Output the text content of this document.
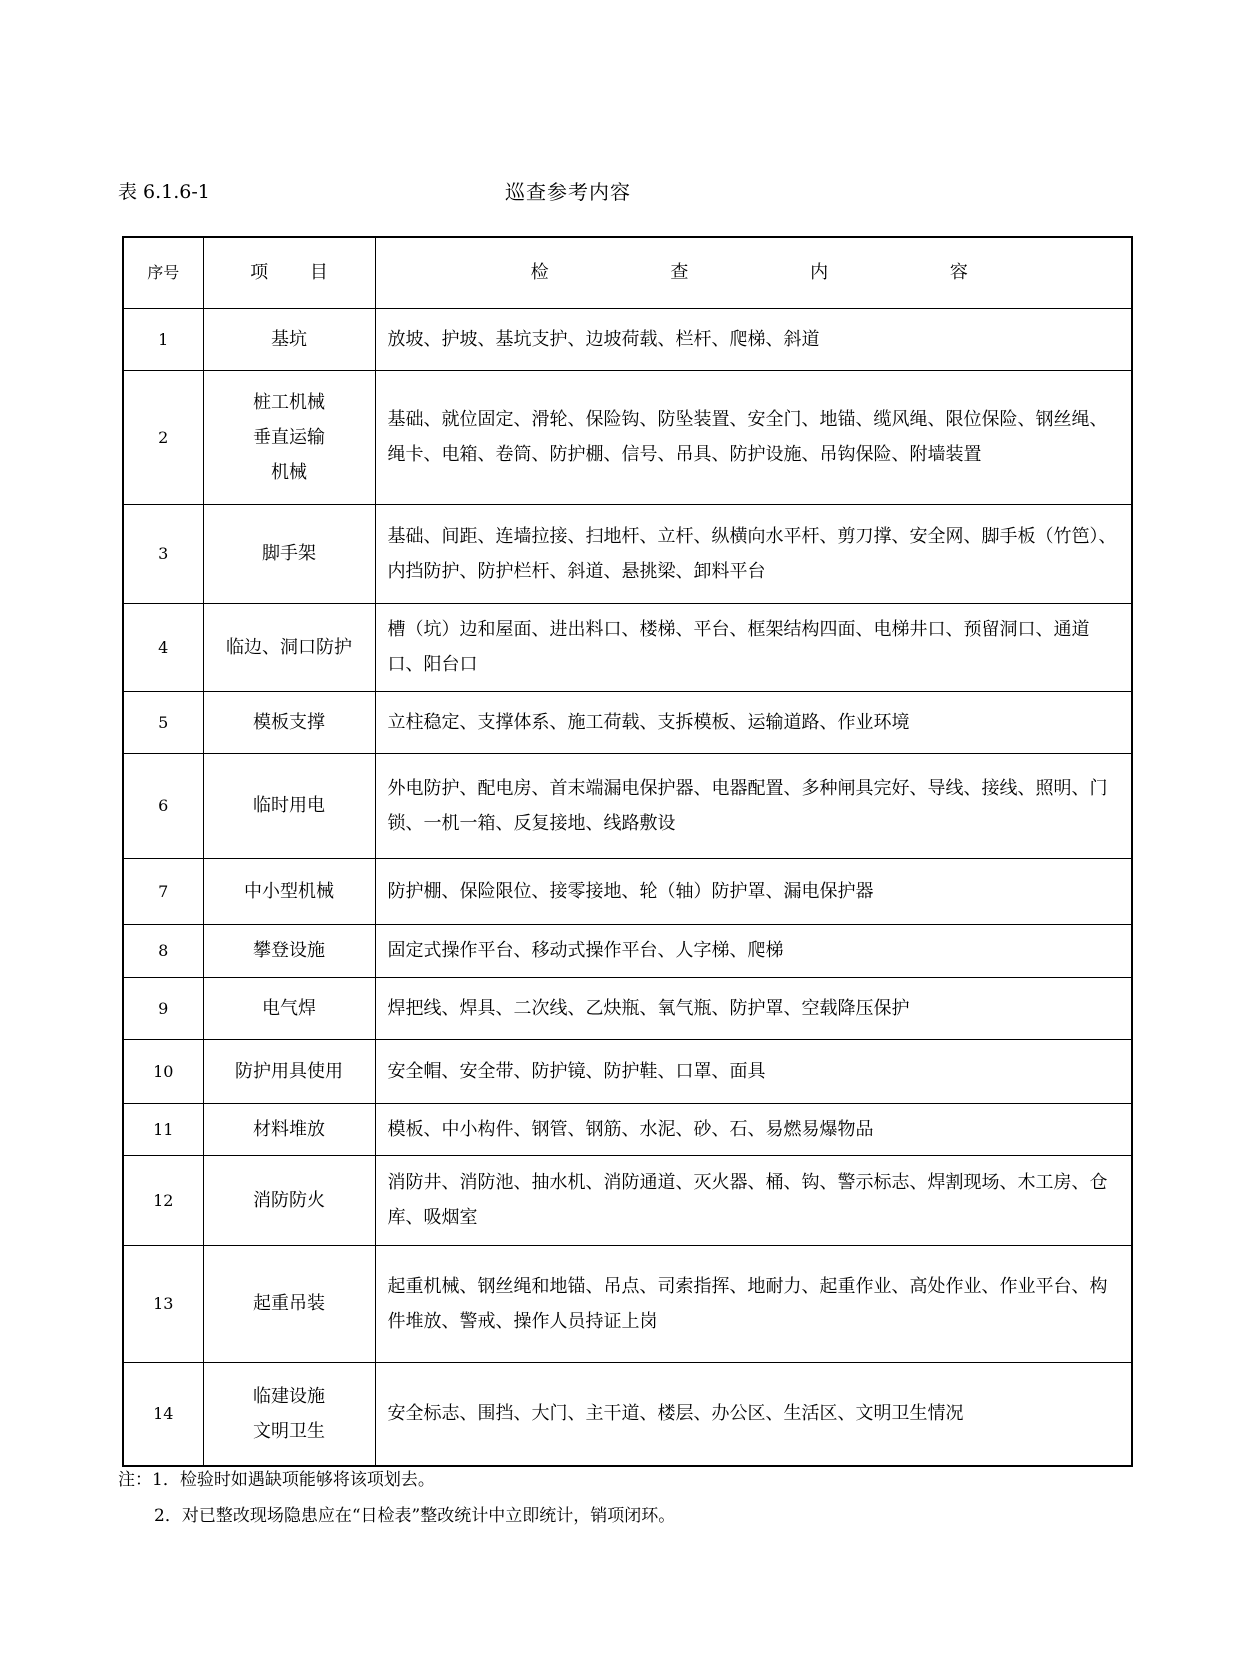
表 6.1.6-1	巡查参考内容
序号	项 目	检 查 内 容
1	基坑	放坡、护坡、基坑支护、边坡荷载、栏杆、爬梯、斜道
2	桩工机械
垂直运输
机械	基础、就位固定、滑轮、保险钩、防坠装置、安全门、地锚、缆风绳、限位保险、钢丝绳、绳卡、电箱、卷筒、防护棚、信号、吊具、防护设施、吊钩保险、附墙装置
3	脚手架	基础、间距、连墙拉接、扫地杆、立杆、纵横向水平杆、剪刀撑、安全网、脚手板（竹笆）、内挡防护、防护栏杆、斜道、悬挑梁、卸料平台
4	临边、洞口防护	槽（坑）边和屋面、进出料口、楼梯、平台、框架结构四面、电梯井口、预留洞口、通道口、阳台口
5	模板支撑	立柱稳定、支撑体系、施工荷载、支拆模板、运输道路、作业环境
6	临时用电	外电防护、配电房、首末端漏电保护器、电器配置、多种闸具完好、导线、接线、照明、门锁、一机一箱、反复接地、线路敷设
7	中小型机械	防护棚、保险限位、接零接地、轮（轴）防护罩、漏电保护器
8	攀登设施	固定式操作平台、移动式操作平台、人字梯、爬梯
9	电气焊	焊把线、焊具、二次线、乙炔瓶、氧气瓶、防护罩、空载降压保护
10	防护用具使用	安全帽、安全带、防护镜、防护鞋、口罩、面具
11	材料堆放	模板、中小构件、钢管、钢筋、水泥、砂、石、易燃易爆物品
12	消防防火	消防井、消防池、抽水机、消防通道、灭火器、桶、钩、警示标志、焊割现场、木工房、仓库、吸烟室
13	起重吊装	起重机械、钢丝绳和地锚、吊点、司索指挥、地耐力、起重作业、高处作业、作业平台、构件堆放、警戒、操作人员持证上岗
14	临建设施
文明卫生	安全标志、围挡、大门、主干道、楼层、办公区、生活区、文明卫生情况
注：1．检验时如遇缺项能够将该项划去。
2．对已整改现场隐患应在“日检表”整改统计中立即统计，销项闭环。
